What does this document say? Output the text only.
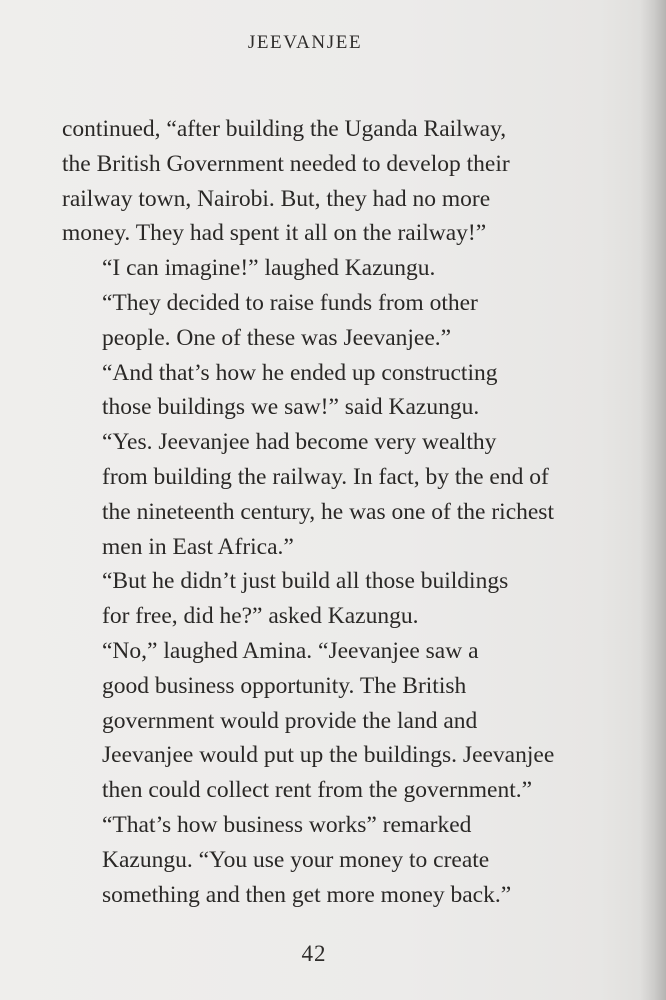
JEEVANJEE

continued, “after building the Uganda Railway,
the British Government needed to develop their
railway town, Nairobi. But, they had no more
money. They had spent it all on the railway!”

“I can imagine!” laughed Kazungu.

“They decided to raise funds from other
people. One of these was Jeevanjee.”

“And that’s how he ended up constructing
those buildings we saw!” said Kazungu.

“Yes. Jeevanjee had become very wealthy
from building the railway. In fact, by the end of
the nineteenth century, he was one of the richest
men in East Africa.”

“But he didn’t just build all those buildings
for free, did he?” asked Kazungu.

“No,” laughed Amina. “Jeevanjee saw a
good business opportunity. The British
government would provide the land and
Jeevanjee would put up the buildings. Jeevanjee
then could collect rent from the government.”

“That’s how business works” remarked
Kazungu. “You use your money to create
something and then get more money back.”

42
